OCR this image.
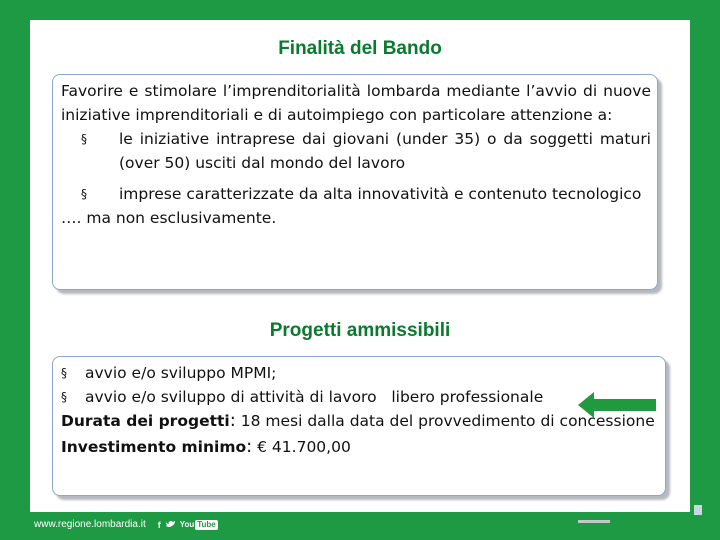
Finalità del Bando
Favorire e stimolare l’imprenditorialità lombarda mediante l’avvio di nuove iniziative imprenditoriali e di autoimpiego con particolare attenzione a:
§	le iniziative intraprese dai giovani (under 35) o da soggetti maturi (over 50) usciti dal mondo del lavoro
§	imprese caratterizzate da alta innovatività e contenuto tecnologico
…. ma non esclusivamente.
Progetti ammissibili
§	avvio e/o sviluppo MPMI;
§	avvio e/o sviluppo di attività di lavoro   libero professionale
Durata dei progetti: 18 mesi dalla data del provvedimento di concessione
Investimento minimo: € 41.700,00
www.regione.lombardia.it f You Tube
